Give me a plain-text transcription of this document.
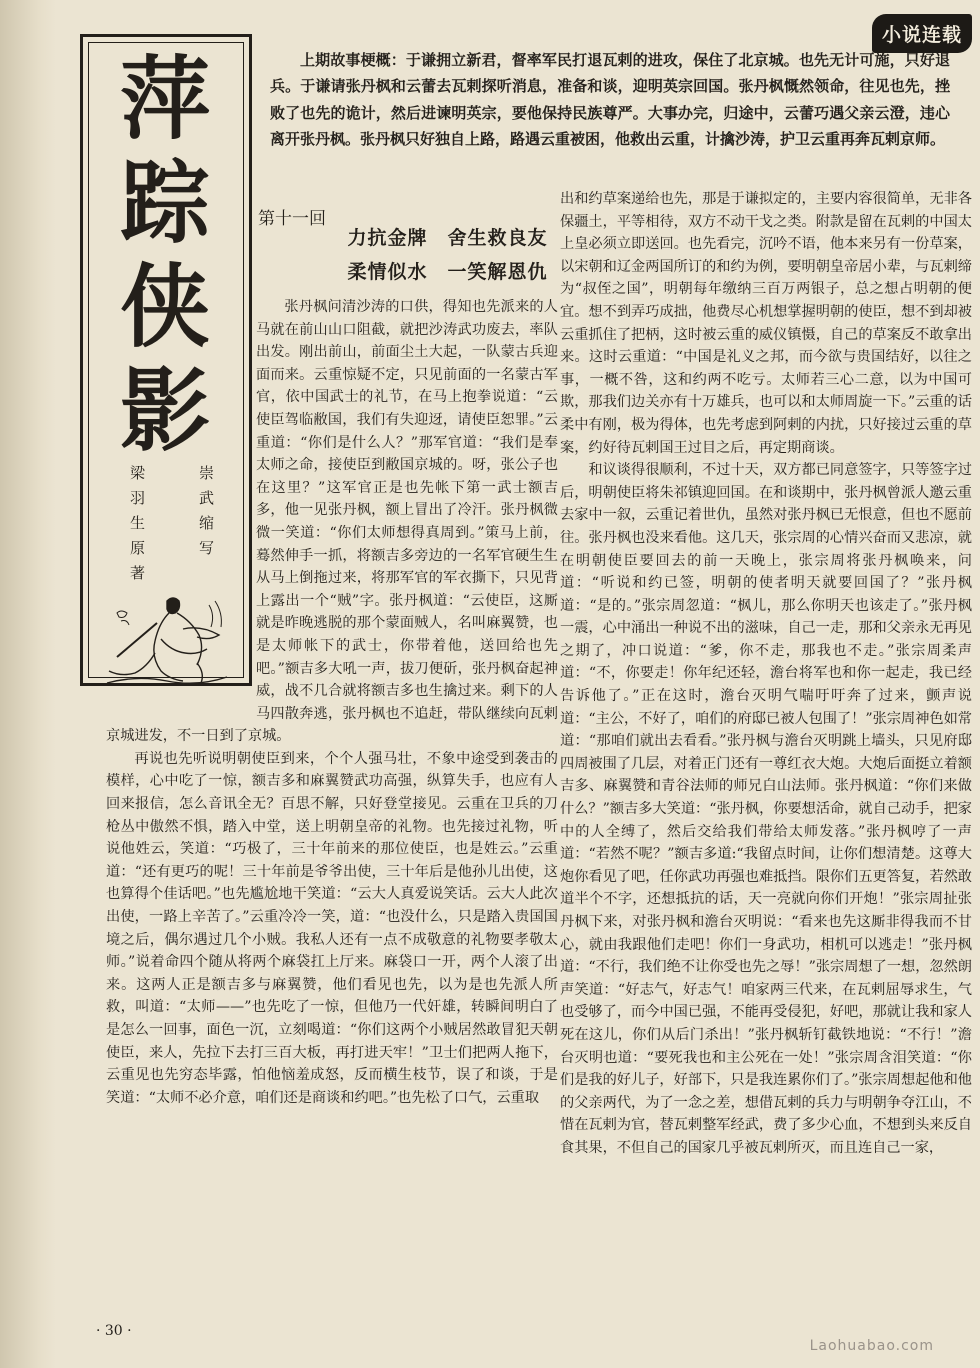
小说连载
萍
踪
侠
影
崇武缩写
梁羽生原著
上期故事梗概：于谦拥立新君，督率军民打退瓦剌的进攻，保住了北京城。也先无计可施，只好退兵。于谦请张丹枫和云蕾去瓦剌探听消息，准备和谈，迎明英宗回国。张丹枫慨然领命，往见也先，挫败了也先的诡计，然后进谏明英宗，要他保持民族尊严。大事办完，归途中，云蕾巧遇父亲云澄，违心离开张丹枫。张丹枫只好独自上路，路遇云重被困，他救出云重，计擒沙涛，护卫云重再奔瓦剌京师。
第十一回
力抗金牌　舍生救良友
柔情似水　一笑解恩仇

张丹枫问清沙涛的口供，得知也先派来的人马就在前山山口阻截，就把沙涛武功废去，率队出发。刚出前山，前面尘土大起，一队蒙古兵迎面而来。云重惊疑不定，只见前面的一名蒙古军官，依中国武士的礼节，在马上抱拳说道：“云使臣驾临敝国，我们有失迎迓，请使臣恕罪。”云重道：“你们是什么人？”那军官道：“我们是奉太师之命，接使臣到敝国京城的。呀，张公子也在这里？”这军官正是也先帐下第一武士额吉多，他一见张丹枫，额上冒出了冷汗。张丹枫微微一笑道：“你们太师想得真周到。”策马上前，蓦然伸手一抓，将额吉多旁边的一名军官硬生生从马上倒拖过来，将那军官的军衣撕下，只见背上露出一个“贼”字。张丹枫道：“云使臣，这厮就是昨晚逃脱的那个蒙面贼人，名叫麻翼赞，也是太师帐下的武士，你带着他，送回给也先吧。”额吉多大吼一声，拔刀便斫，张丹枫奋起神威，战不几合就将额吉多也生擒过来。剩下的人马四散奔逃，张丹枫也不追赶，带队继续向瓦剌京城进发，不一日到了京城。

再说也先听说明朝使臣到来，个个人强马壮，不象中途受到袭击的模样，心中吃了一惊，额吉多和麻翼赞武功高强，纵算失手，也应有人回来报信，怎么音讯全无？百思不解，只好登堂接见。云重在卫兵的刀枪丛中傲然不惧，踏入中堂，送上明朝皇帝的礼物。也先接过礼物，听说他姓云，笑道：“巧极了，三十年前来的那位使臣，也是姓云。”云重道：“还有更巧的呢！三十年前是爷爷出使，三十年后是他孙儿出使，这也算得个佳话吧。”也先尴尬地干笑道：“云大人真爱说笑话。云大人此次出使，一路上辛苦了。”云重冷冷一笑，道：“也没什么，只是踏入贵国国境之后，偶尔遇过几个小贼。我私人还有一点不成敬意的礼物要孝敬太师。”说着命四个随从将两个麻袋扛上厅来。麻袋口一开，两个人滚了出来。这两人正是额吉多与麻翼赞，他们看见也先，以为是也先派人所救，叫道：“太师——”也先吃了一惊，但他乃一代奸雄，转瞬间明白了是怎么一回事，面色一沉，立刻喝道：“你们这两个小贼居然敢冒犯天朝使臣，来人，先拉下去打三百大板，再打进天牢！”卫士们把两人拖下，云重见也先穷态毕露，怕他恼羞成怒，反而横生枝节，误了和谈，于是笑道：“太师不必介意，咱们还是商谈和约吧。”也先松了口气，云重取

出和约草案递给也先，那是于谦拟定的，主要内容很简单，无非各保疆土，平等相待，双方不动干戈之类。附款是留在瓦剌的中国太上皇必须立即送回。也先看完，沉吟不语，他本来另有一份草案，以宋朝和辽金两国所订的和约为例，要明朝皇帝居小辈，与瓦剌缔为“叔侄之国”，明朝每年缴纳三百万两银子，总之想占明朝的便宜。想不到弄巧成拙，他费尽心机想掌握明朝的使臣，想不到却被云重抓住了把柄，这时被云重的威仪镇慑，自己的草案反不敢拿出来。这时云重道：“中国是礼义之邦，而今欲与贵国结好，以往之事，一概不咎，这和约两不吃亏。太师若三心二意，以为中国可欺，那我们边关亦有十万雄兵，也可以和太师周旋一下。”云重的话柔中有刚，极为得体，也先考虑到阿剌的内扰，只好接过云重的草案，约好待瓦剌国王过目之后，再定期商谈。

和议谈得很顺利，不过十天，双方都已同意签字，只等签字过后，明朝使臣将朱祁镇迎回国。在和谈期中，张丹枫曾派人邀云重去家中一叙，云重记着世仇，虽然对张丹枫已无恨意，但也不愿前往。张丹枫也没来看他。这几天，张宗周的心情兴奋而又悲凉，就在明朝使臣要回去的前一天晚上，张宗周将张丹枫唤来，问道：“听说和约已签，明朝的使者明天就要回国了？”张丹枫道：“是的。”张宗周忽道：“枫儿，那么你明天也该走了。”张丹枫一震，心中涌出一种说不出的滋味，自己一走，那和父亲永无再见之期了，冲口说道：“爹，你不走，那我也不走。”张宗周柔声道：“不，你要走！你年纪还轻，澹台将军也和你一起走，我已经告诉他了。”正在这时，澹台灭明气喘吁吁奔了过来，颤声说道：“主公，不好了，咱们的府邸已被人包围了！”张宗周神色如常道：“那咱们就出去看看。”张丹枫与澹台灭明跳上墙头，只见府邸四周被围了几层，对着正门还有一尊红衣大炮。大炮后面挺立着额吉多、麻翼赞和青谷法师的师兄白山法师。张丹枫道：“你们来做什么？”额吉多大笑道：“张丹枫，你要想活命，就自己动手，把家中的人全缚了，然后交给我们带给太师发落。”张丹枫哼了一声道：“若然不呢？”额吉多道:“我留点时间，让你们想清楚。这尊大炮你看见了吧，任你武功再强也难抵挡。限你们五更答复，若然敢道半个不字，还想抵抗的话，天一亮就向你们开炮！”张宗周扯张丹枫下来，对张丹枫和澹台灭明说：“看来也先这厮非得我而不甘心，就由我跟他们走吧！你们一身武功，相机可以逃走！”张丹枫道：“不行，我们绝不让你受也先之辱！”张宗周想了一想，忽然朗声笑道：“好志气，好志气！咱家两三代来，在瓦剌屈辱求生，气也受够了，而今中国已强，不能再受侵犯，好吧，那就让我和家人死在这儿，你们从后门杀出！”张丹枫斩钉截铁地说：“不行！”澹台灭明也道：“要死我也和主公死在一处！”张宗周含泪笑道：“你们是我的好儿子，好部下，只是我连累你们了。”张宗周想起他和他的父亲两代，为了一念之差，想借瓦剌的兵力与明朝争夺江山，不惜在瓦剌为官，替瓦剌整军经武，费了多少心血，不想到头来反自食其果，不但自己的国家几乎被瓦剌所灭，而且连自己一家，

· 30 ·
Laohuabao.com
